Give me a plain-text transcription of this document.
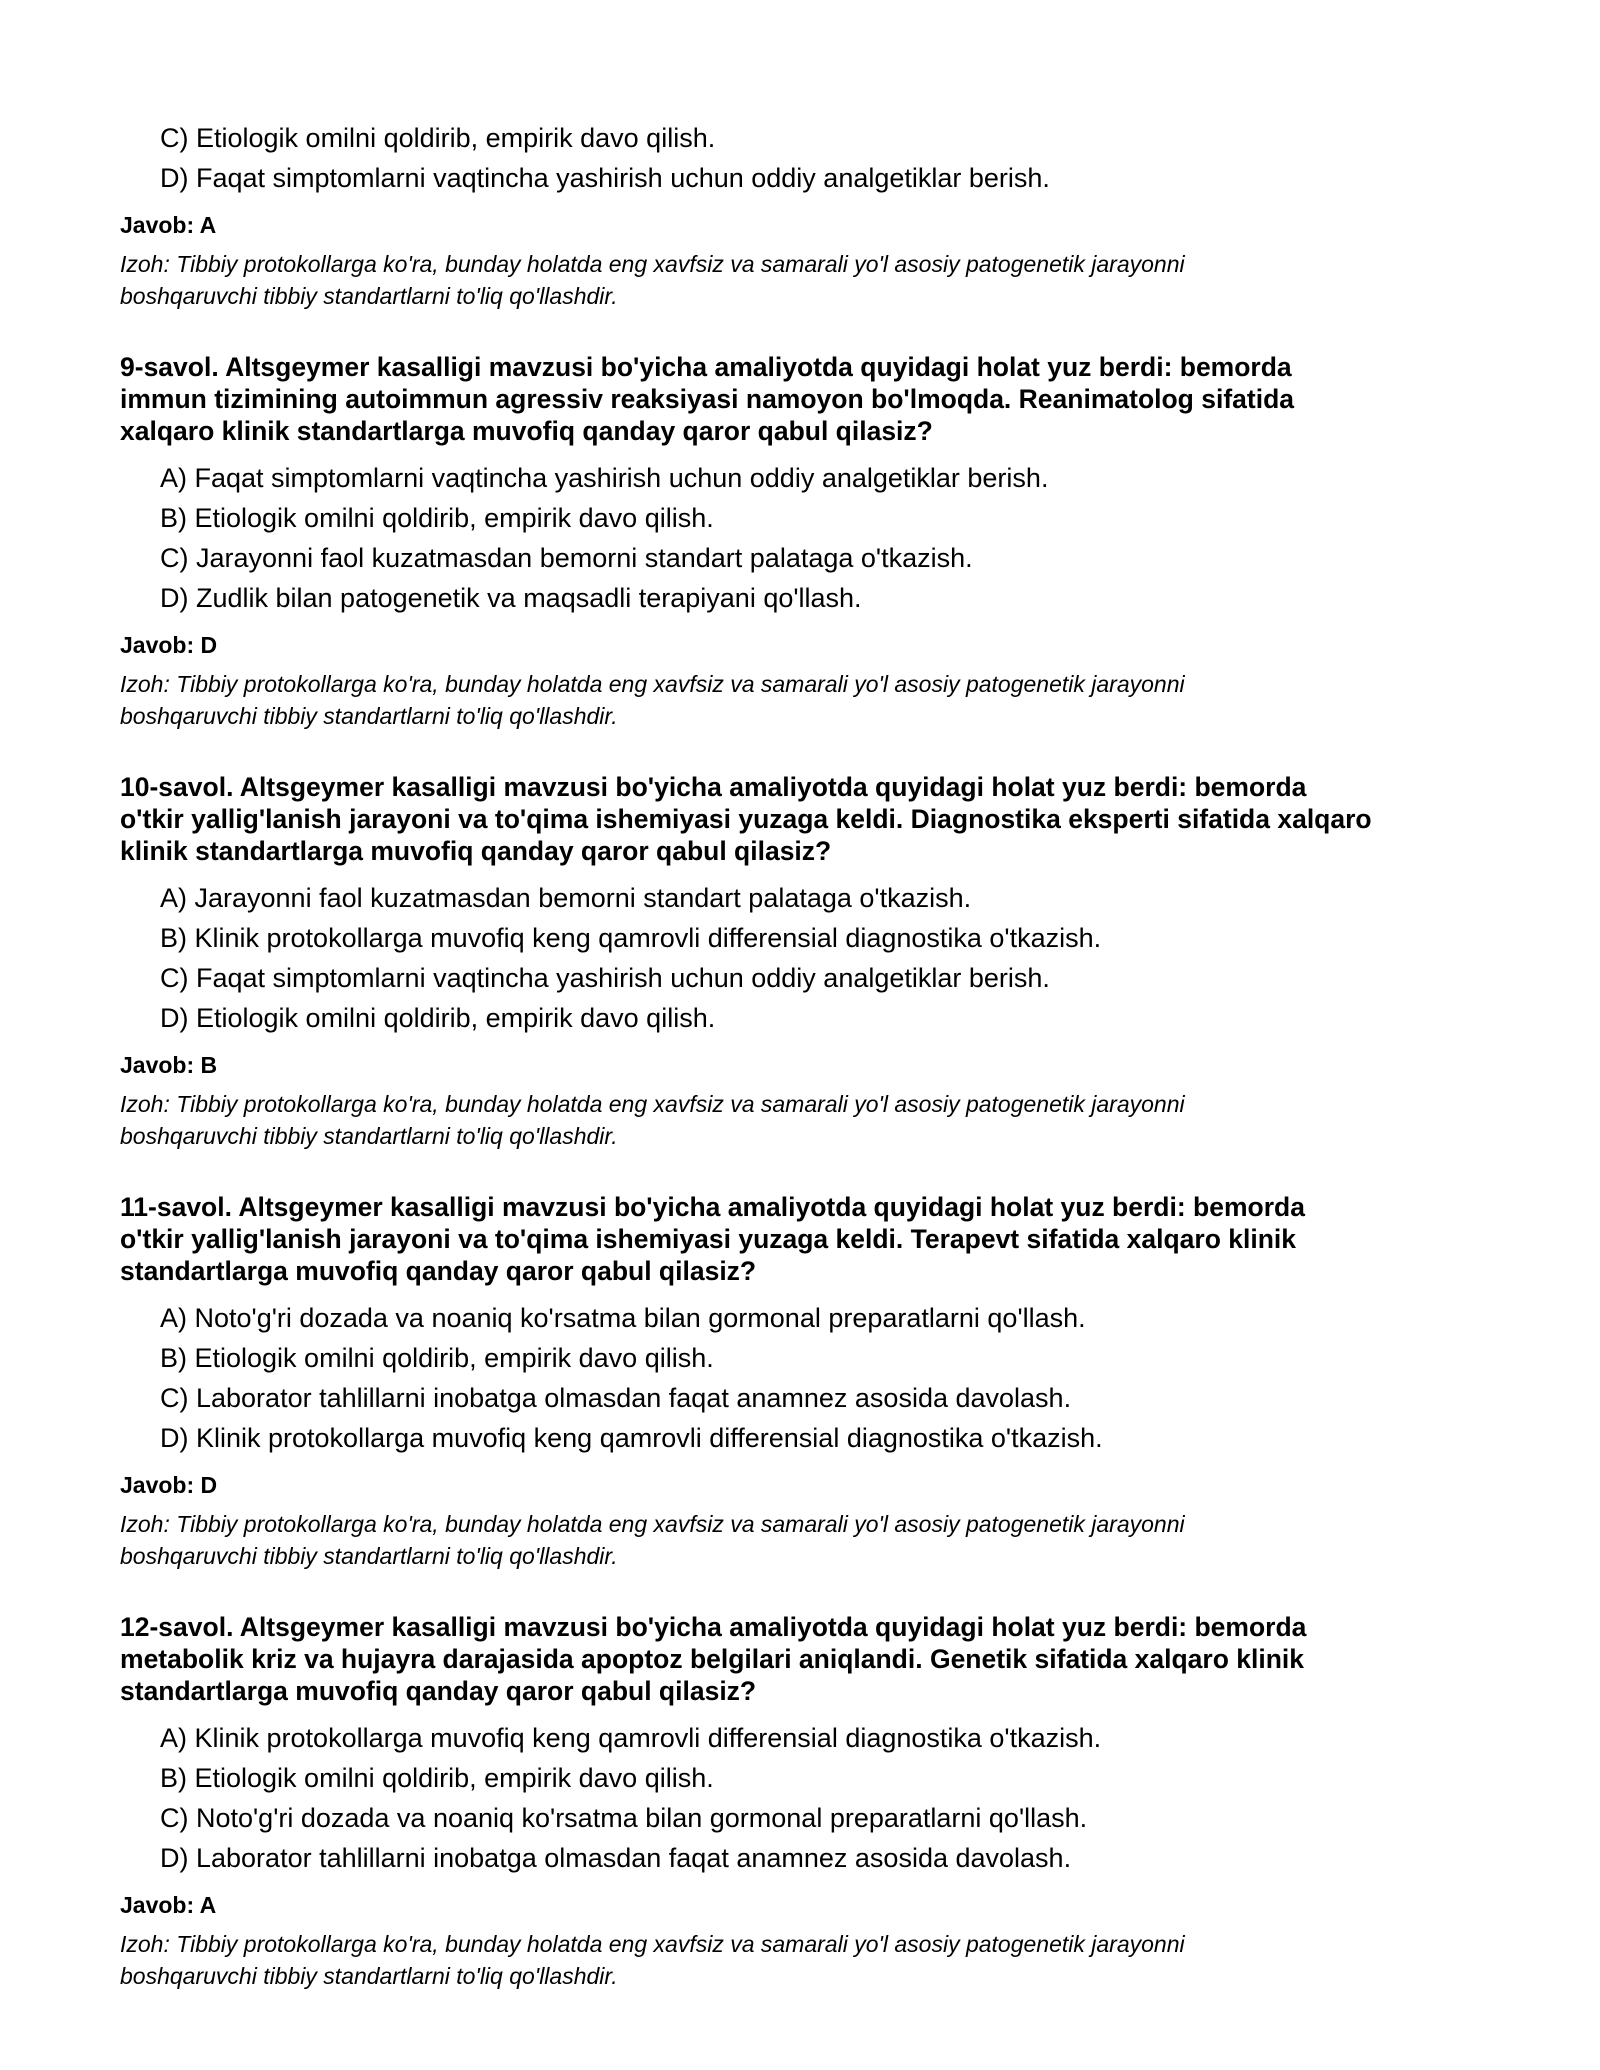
C) Etiologik omilni qoldirib, empirik davo qilish.
D) Faqat simptomlarni vaqtincha yashirish uchun oddiy analgetiklar berish.
Javob: A
Izoh: Tibbiy protokollarga ko'ra, bunday holatda eng xavfsiz va samarali yo'l asosiy patogenetik jarayonni
boshqaruvchi tibbiy standartlarni to'liq qo'llashdir.
9-savol. Altsgeymer kasalligi mavzusi bo'yicha amaliyotda quyidagi holat yuz berdi: bemorda
immun tizimining autoimmun agressiv reaksiyasi namoyon bo'lmoqda. Reanimatolog sifatida
xalqaro klinik standartlarga muvofiq qanday qaror qabul qilasiz?
A) Faqat simptomlarni vaqtincha yashirish uchun oddiy analgetiklar berish.
B) Etiologik omilni qoldirib, empirik davo qilish.
C) Jarayonni faol kuzatmasdan bemorni standart palataga o'tkazish.
D) Zudlik bilan patogenetik va maqsadli terapiyani qo'llash.
Javob: D
Izoh: Tibbiy protokollarga ko'ra, bunday holatda eng xavfsiz va samarali yo'l asosiy patogenetik jarayonni
boshqaruvchi tibbiy standartlarni to'liq qo'llashdir.
10-savol. Altsgeymer kasalligi mavzusi bo'yicha amaliyotda quyidagi holat yuz berdi: bemorda
o'tkir yallig'lanish jarayoni va to'qima ishemiyasi yuzaga keldi. Diagnostika eksperti sifatida xalqaro
klinik standartlarga muvofiq qanday qaror qabul qilasiz?
A) Jarayonni faol kuzatmasdan bemorni standart palataga o'tkazish.
B) Klinik protokollarga muvofiq keng qamrovli differensial diagnostika o'tkazish.
C) Faqat simptomlarni vaqtincha yashirish uchun oddiy analgetiklar berish.
D) Etiologik omilni qoldirib, empirik davo qilish.
Javob: B
Izoh: Tibbiy protokollarga ko'ra, bunday holatda eng xavfsiz va samarali yo'l asosiy patogenetik jarayonni
boshqaruvchi tibbiy standartlarni to'liq qo'llashdir.
11-savol. Altsgeymer kasalligi mavzusi bo'yicha amaliyotda quyidagi holat yuz berdi: bemorda
o'tkir yallig'lanish jarayoni va to'qima ishemiyasi yuzaga keldi. Terapevt sifatida xalqaro klinik
standartlarga muvofiq qanday qaror qabul qilasiz?
A) Noto'g'ri dozada va noaniq ko'rsatma bilan gormonal preparatlarni qo'llash.
B) Etiologik omilni qoldirib, empirik davo qilish.
C) Laborator tahlillarni inobatga olmasdan faqat anamnez asosida davolash.
D) Klinik protokollarga muvofiq keng qamrovli differensial diagnostika o'tkazish.
Javob: D
Izoh: Tibbiy protokollarga ko'ra, bunday holatda eng xavfsiz va samarali yo'l asosiy patogenetik jarayonni
boshqaruvchi tibbiy standartlarni to'liq qo'llashdir.
12-savol. Altsgeymer kasalligi mavzusi bo'yicha amaliyotda quyidagi holat yuz berdi: bemorda
metabolik kriz va hujayra darajasida apoptoz belgilari aniqlandi. Genetik sifatida xalqaro klinik
standartlarga muvofiq qanday qaror qabul qilasiz?
A) Klinik protokollarga muvofiq keng qamrovli differensial diagnostika o'tkazish.
B) Etiologik omilni qoldirib, empirik davo qilish.
C) Noto'g'ri dozada va noaniq ko'rsatma bilan gormonal preparatlarni qo'llash.
D) Laborator tahlillarni inobatga olmasdan faqat anamnez asosida davolash.
Javob: A
Izoh: Tibbiy protokollarga ko'ra, bunday holatda eng xavfsiz va samarali yo'l asosiy patogenetik jarayonni
boshqaruvchi tibbiy standartlarni to'liq qo'llashdir.
